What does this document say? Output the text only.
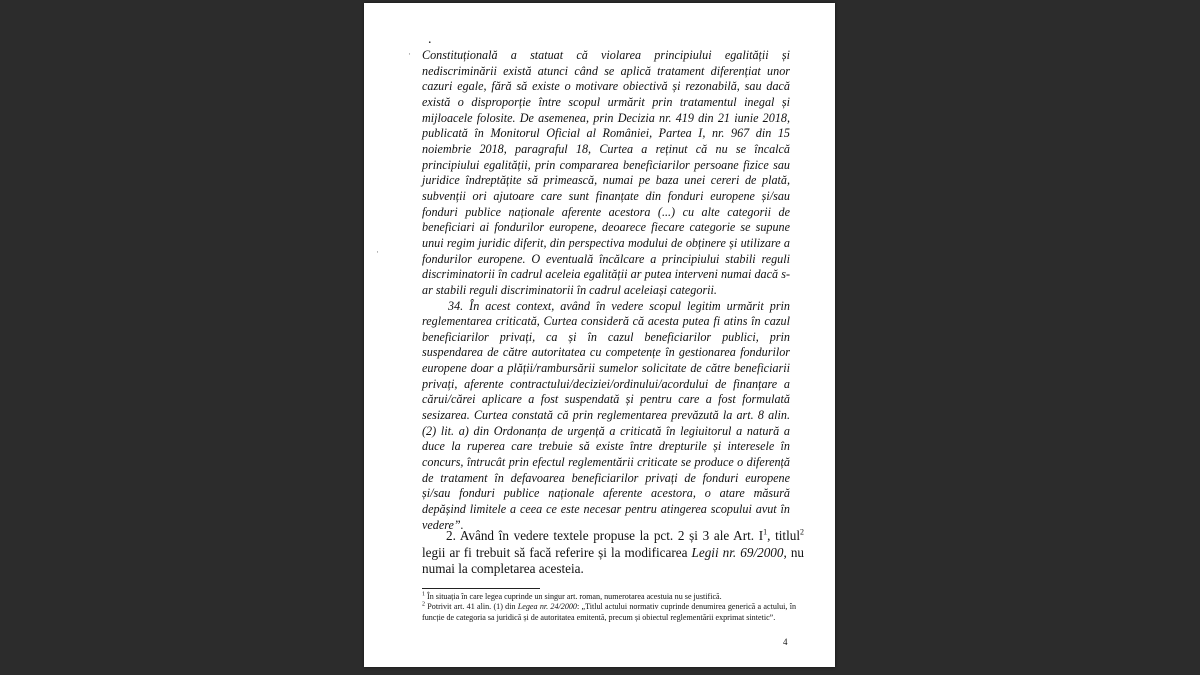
.
·
·

Constituțională a statuat că violarea principiului egalității și nediscriminării există atunci când se aplică tratament diferențiat unor cazuri egale, fără să existe o motivare obiectivă și rezonabilă, sau dacă există o disproporție între scopul urmărit prin tratamentul inegal și mijloacele folosite. De asemenea, prin Decizia nr. 419 din 21 iunie 2018, publicată în Monitorul Oficial al României, Partea I, nr. 967 din 15 noiembrie 2018, paragraful 18, Curtea a reținut că nu se încalcă principiului egalității, prin compararea beneficiarilor persoane fizice sau juridice îndreptățite să primească, numai pe baza unei cereri de plată, subvenții ori ajutoare care sunt finanțate din fonduri europene și/sau fonduri publice naționale aferente acestora (...) cu alte categorii de beneficiari ai fondurilor europene, deoarece fiecare categorie se supune unui regim juridic diferit, din perspectiva modului de obținere și utilizare a fondurilor europene. O eventuală încălcare a principiului stabili reguli discriminatorii în cadrul aceleia egalității ar putea interveni numai dacă s-ar stabili reguli discriminatorii în cadrul aceleiași categorii.

34. În acest context, având în vedere scopul legitim urmărit prin reglementarea criticată, Curtea consideră că acesta putea fi atins în cazul beneficiarilor privați, ca și în cazul beneficiarilor publici, prin suspendarea de către autoritatea cu competențe în gestionarea fondurilor europene doar a plății/rambursării sumelor solicitate de către beneficiarii privați, aferente contractului/deciziei/ordinului/acordului de finanțare a cărui/cărei aplicare a fost suspendată și pentru care a fost formulată sesizarea. Curtea constată că prin reglementarea prevăzută la art. 8 alin. (2) lit. a) din Ordonanța de urgență a criticată în legiuitorul a natură a duce la ruperea care trebuie să existe între drepturile și interesele în concurs, întrucât prin efectul reglementării criticate se produce o diferență de tratament în defavoarea beneficiarilor privați de fonduri europene și/sau fonduri publice naționale aferente acestora, o atare măsură depășind limitele a ceea ce este necesar pentru atingerea scopului avut în vedere”.

2. Având în vedere textele propuse la pct. 2 și 3 ale Art. $I^1$, titlul$^2$ legii ar fi trebuit să facă referire și la modificarea Legii nr. 69/2000, nu numai la completarea acesteia.

$^1$ În situația în care legea cuprinde un singur art. roman, numerotarea acestuia nu se justifică.

$^2$ Potrivit art. 41 alin. (1) din Legea nr. 24/2000: „Titlul actului normativ cuprinde denumirea generică a actului, în funcție de categoria sa juridică și de autoritatea emitentă, precum și obiectul reglementării exprimat sintetic”.

4
